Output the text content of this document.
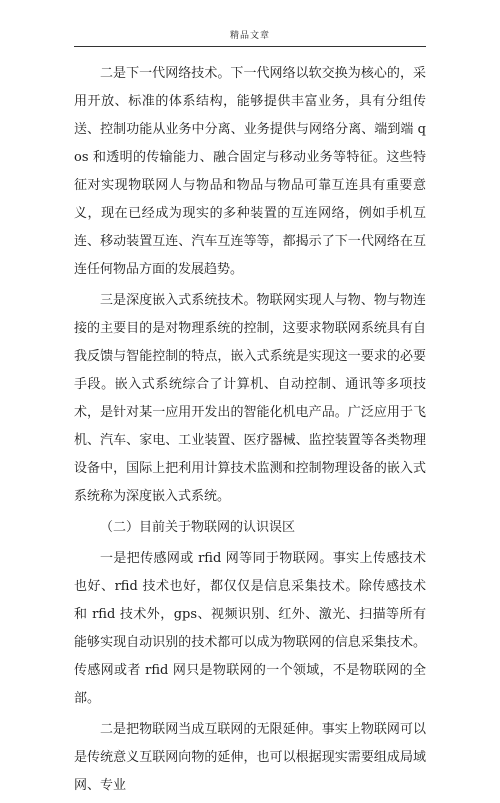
精品文章

二是下一代网络技术。下一代网络以软交换为核心的，采用开放、标准的体系结构，能够提供丰富业务，具有分组传送、控制功能从业务中分离、业务提供与网络分离、端到端 qos 和透明的传输能力、融合固定与移动业务等特征。这些特征对实现物联网人与物品和物品与物品可靠互连具有重要意义，现在已经成为现实的多种装置的互连网络，例如手机互连、移动装置互连、汽车互连等等，都揭示了下一代网络在互连任何物品方面的发展趋势。

三是深度嵌入式系统技术。物联网实现人与物、物与物连接的主要目的是对物理系统的控制，这要求物联网系统具有自我反馈与智能控制的特点，嵌入式系统是实现这一要求的必要手段。嵌入式系统综合了计算机、自动控制、通讯等多项技术，是针对某一应用开发出的智能化机电产品。广泛应用于飞机、汽车、家电、工业装置、医疗器械、监控装置等各类物理设备中，国际上把利用计算技术监测和控制物理设备的嵌入式系统称为深度嵌入式系统。

（二）目前关于物联网的认识误区

一是把传感网或 rfid 网等同于物联网。事实上传感技术也好、rfid 技术也好，都仅仅是信息采集技术。除传感技术和 rfid 技术外，gps、视频识别、红外、激光、扫描等所有能够实现自动识别的技术都可以成为物联网的信息采集技术。传感网或者 rfid 网只是物联网的一个领域，不是物联网的全部。

二是把物联网当成互联网的无限延伸。事实上物联网可以是传统意义互联网向物的延伸，也可以根据现实需要组成局域网、专业
